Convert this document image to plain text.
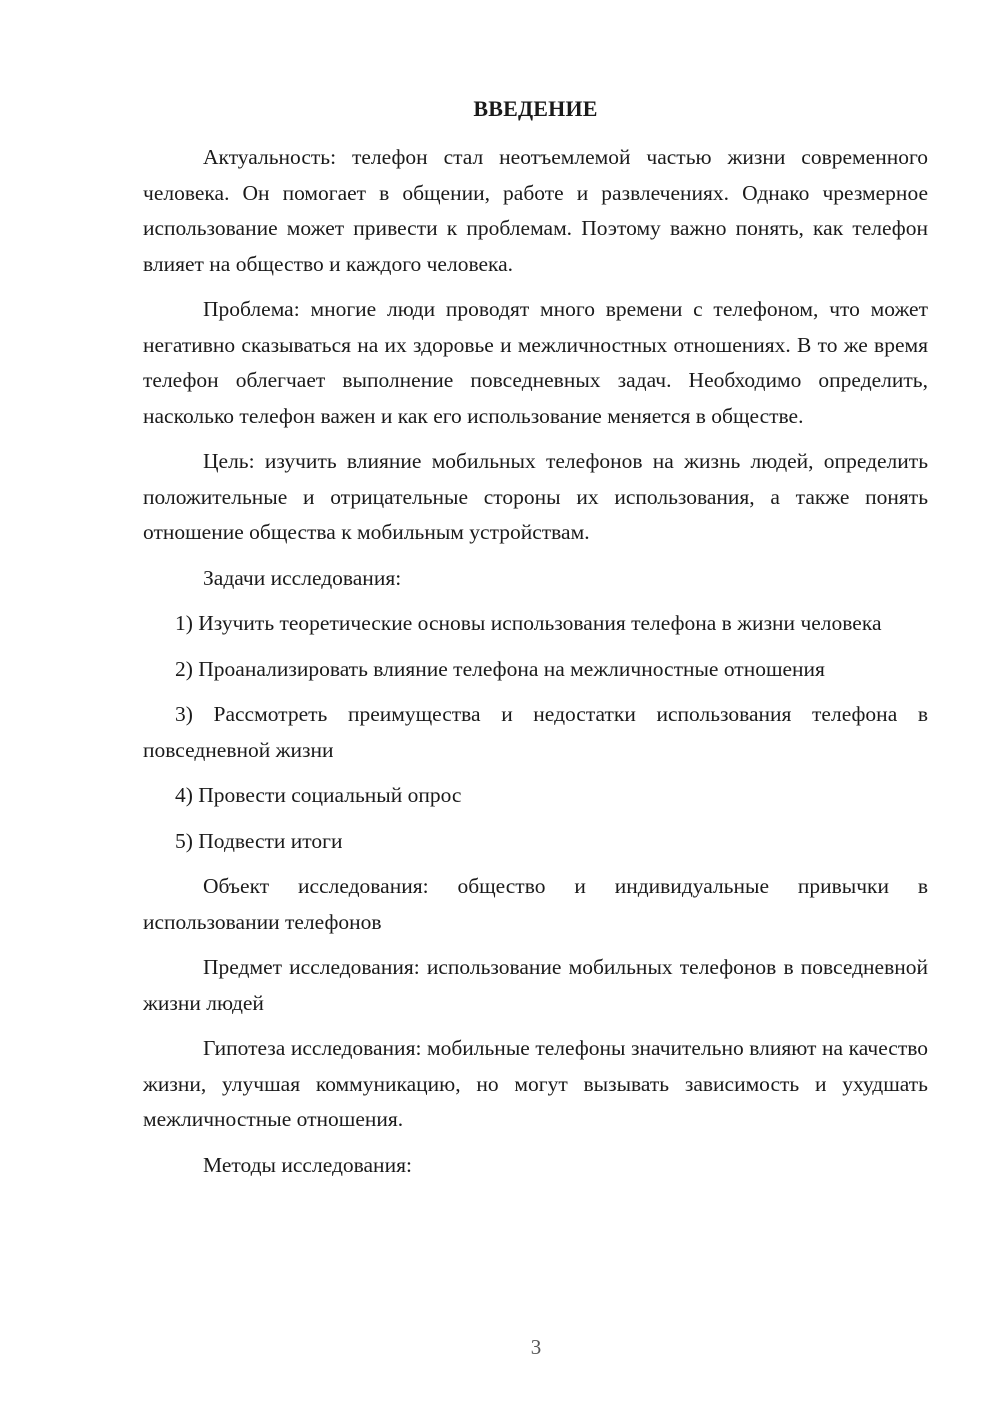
ВВЕДЕНИЕ

Актуальность: телефон стал неотъемлемой частью жизни современного человека. Он помогает в общении, работе и развлечениях. Однако чрезмерное использование может привести к проблемам. Поэтому важно понять, как телефон влияет на общество и каждого человека.

Проблема: многие люди проводят много времени с телефоном, что может негативно сказываться на их здоровье и межличностных отношениях. В то же время телефон облегчает выполнение повседневных задач. Необходимо определить, насколько телефон важен и как его использование меняется в обществе.

Цель: изучить влияние мобильных телефонов на жизнь людей, определить положительные и отрицательные стороны их использования, а также понять отношение общества к мобильным устройствам.

Задачи исследования:

1) Изучить теоретические основы использования телефона в жизни человека

2) Проанализировать влияние телефона на межличностные отношения

3) Рассмотреть преимущества и недостатки использования телефона в повседневной жизни

4) Провести социальный опрос

5) Подвести итоги

Объект исследования: общество и индивидуальные привычки в использовании телефонов

Предмет исследования: использование мобильных телефонов в повседневной жизни людей

Гипотеза исследования: мобильные телефоны значительно влияют на качество жизни, улучшая коммуникацию, но могут вызывать зависимость и ухудшать межличностные отношения.

Методы исследования:

3
